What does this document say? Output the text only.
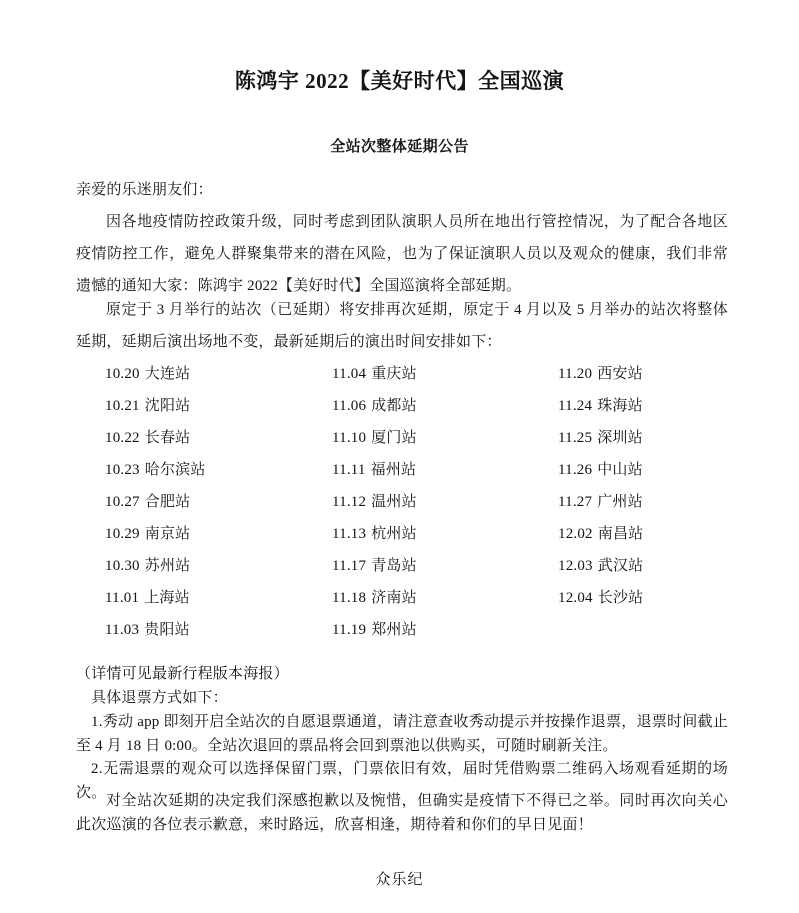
陈鸿宇 2022【美好时代】全国巡演
全站次整体延期公告

亲爱的乐迷朋友们：

因各地疫情防控政策升级，同时考虑到团队演职人员所在地出行管控情况，为了配合各地区疫情防控工作，避免人群聚集带来的潜在风险，也为了保证演职人员以及观众的健康，我们非常遗憾的通知大家：陈鸿宇 2022【美好时代】全国巡演将全部延期。

原定于 3 月举行的站次（已延期）将安排再次延期，原定于 4 月以及 5 月举办的站次将整体延期，延期后演出场地不变，最新延期后的演出时间安排如下：

10.20 大连站
10.21 沈阳站
10.22 长春站
10.23 哈尔滨站
10.27 合肥站
10.29 南京站
10.30 苏州站
11.01 上海站
11.03 贵阳站
11.04 重庆站
11.06 成都站
11.10 厦门站
11.11 福州站
11.12 温州站
11.13 杭州站
11.17 青岛站
11.18 济南站
11.19 郑州站
11.20 西安站
11.24 珠海站
11.25 深圳站
11.26 中山站
11.27 广州站
12.02 南昌站
12.03 武汉站
12.04 长沙站

（详情可见最新行程版本海报）

具体退票方式如下：

1.秀动 app 即刻开启全站次的自愿退票通道，请注意查收秀动提示并按操作退票，退票时间截止至 4 月 18 日 0:00。全站次退回的票品将会回到票池以供购买，可随时刷新关注。

2.无需退票的观众可以选择保留门票，门票依旧有效，届时凭借购票二维码入场观看延期的场次。 对全站次延期的决定我们深感抱歉以及惋惜，但确实是疫情下不得已之举。同时再次向关心此次巡演的各位表示歉意，来时路远，欣喜相逢，期待着和你们的早日见面！

众乐纪
